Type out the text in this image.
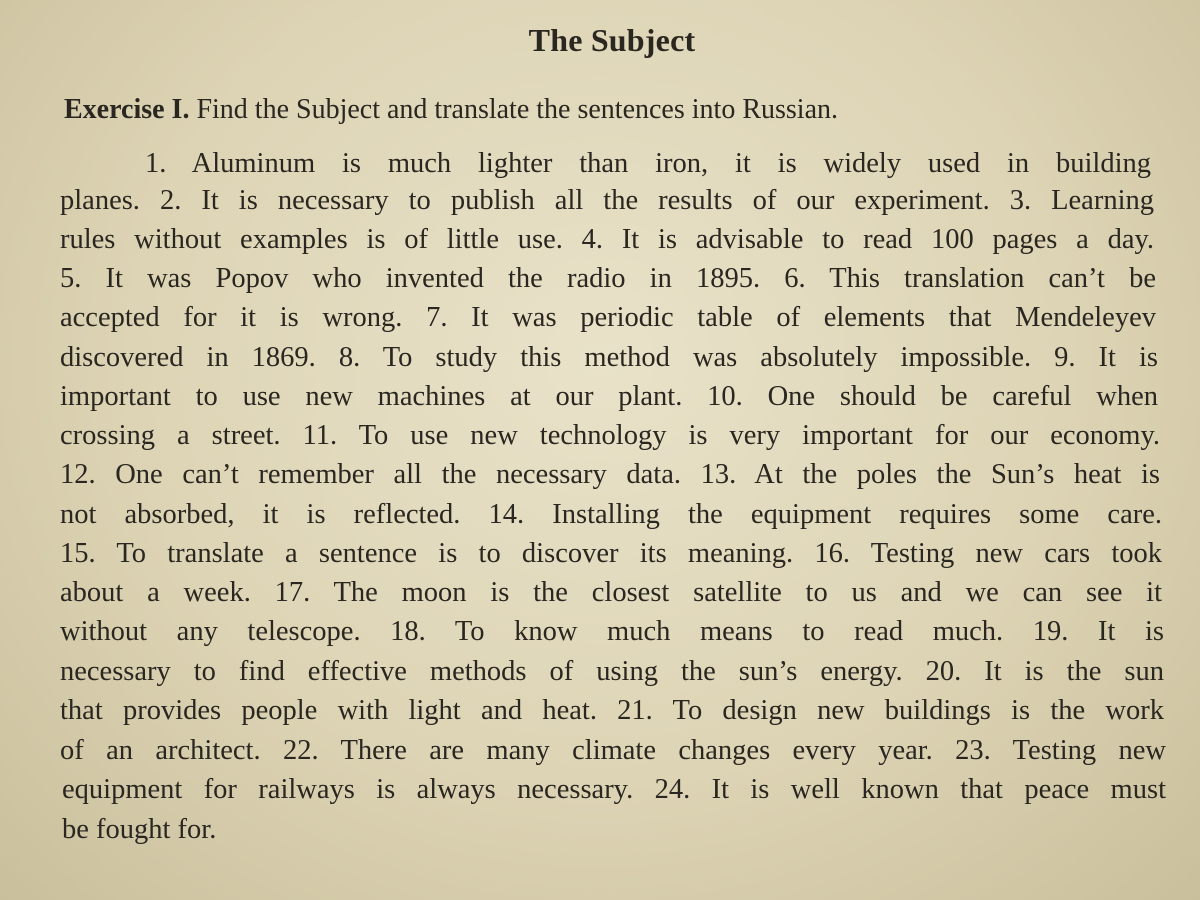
The Subject
Exercise I. Find the Subject and translate the sentences into Russian.
1. Aluminum is much lighter than iron, it is widely used in building
planes. 2. It is necessary to publish all the results of our experiment. 3. Learning
rules without examples is of little use. 4. It is advisable to read 100 pages a day.
5. It was Popov who invented the radio in 1895. 6. This translation can’t be
accepted for it is wrong. 7. It was periodic table of elements that Mendeleyev
discovered in 1869. 8. To study this method was absolutely impossible. 9. It is
important to use new machines at our plant. 10. One should be careful when
crossing a street. 11. To use new technology is very important for our economy.
12. One can’t remember all the necessary data. 13. At the poles the Sun’s heat is
not absorbed, it is reflected. 14. Installing the equipment requires some care.
15. To translate a sentence is to discover its meaning. 16. Testing new cars took
about a week. 17. The moon is the closest satellite to us and we can see it
without any telescope. 18. To know much means to read much. 19. It is
necessary to find effective methods of using the sun’s energy. 20. It is the sun
that provides people with light and heat. 21. To design new buildings is the work
of an architect. 22. There are many climate changes every year. 23. Testing new
equipment for railways is always necessary. 24. It is well known that peace must
be fought for.
